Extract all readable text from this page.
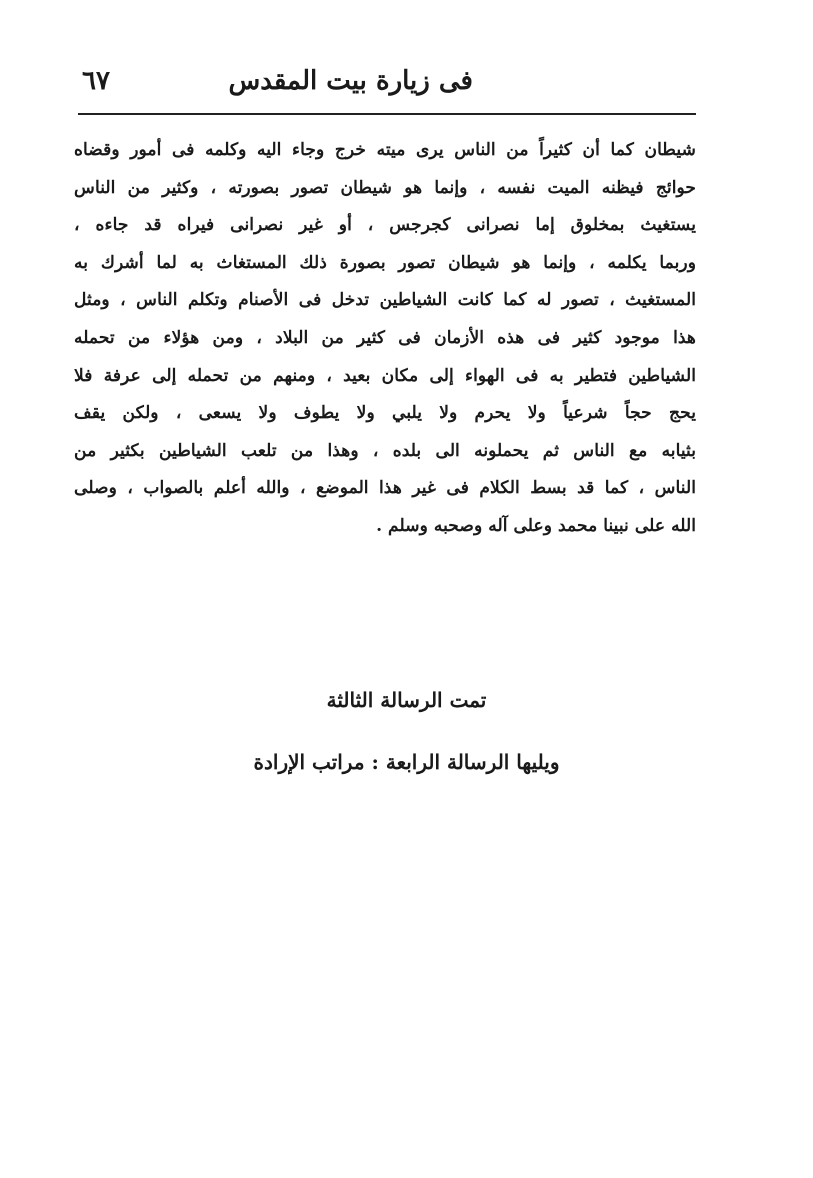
فى زيارة بيت المقدس
٦٧
شيطان كما أن كثيراً من الناس يرى ميته خرج وجاء اليه وكلمه فى أمور وقضاه
حوائج فيظنه الميت نفسه ، وإنما هو شيطان تصور بصورته ، وكثير من الناس
يستغيث بمخلوق إما نصرانى كجرجس ، أو غير نصرانى فيراه قد جاءه ،
وربما يكلمه ، وإنما هو شيطان تصور بصورة ذلك المستغاث به لما أشرك به
المستغيث ، تصور له كما كانت الشياطين تدخل فى الأصنام وتكلم الناس ، ومثل
هذا موجود كثير فى هذه الأزمان فى كثير من البلاد ، ومن هؤلاء من تحمله
الشياطين فتطير به فى الهواء إلى مكان بعيد ، ومنهم من تحمله إلى عرفة فلا
يحج حجاً شرعياً ولا يحرم ولا يلبي ولا يطوف ولا يسعى ، ولكن يقف
بثيابه مع الناس ثم يحملونه الى بلده ، وهذا من تلعب الشياطين بكثير من
الناس ، كما قد بسط الكلام فى غير هذا الموضع ، والله أعلم بالصواب ، وصلى
الله على نبينا محمد وعلى آله وصحبه وسلم .
تمت الرسالة الثالثة
ويليها الرسالة الرابعة : مراتب الإرادة
